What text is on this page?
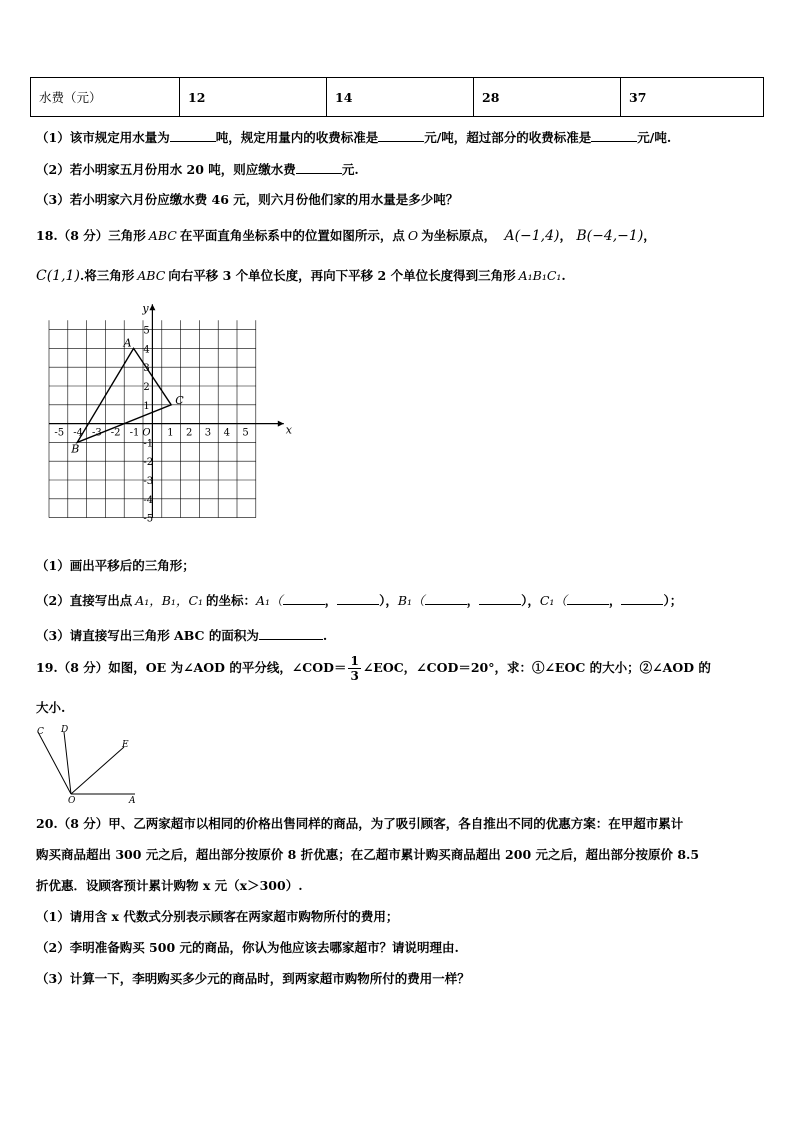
水费（元）	12	14	28	37
（1）该市规定用水量为	吨，规定用量内的收费标准是	元/吨，超过部分的收费标准是	元/吨.
（2）若小明家五月份用水 20 吨，则应缴水费	元.
（3）若小明家六月份应缴水费 46 元，则六月份他们家的用水量是多少吨？
18.（8 分）三角形 ABC 在平面直角坐标系中的位置如图所示，点 O 为坐标原点， A(−1,4)， B(−4,−1)，
C(1,1).将三角形 ABC 向右平移 3 个单位长度，再向下平移 2 个单位长度得到三角形 A₁B₁C₁.
x
y
-5 -4 -3 -2 -1	1 2 3 4 5
5
4
3
2
1
-1
-2
-3
-4
-5
O
A
B
C
（1）画出平移后的三角形；
（2）直接写出点 A₁，B₁，C₁ 的坐标：A₁（	，	），B₁（	，	），C₁（	，	）；
（3）请直接写出三角形 ABC 的面积为	.
19.（8 分）如图，OE 为∠AOD 的平分线，∠COD＝ $\frac{1}{3}$ ∠EOC，∠COD＝20°，求：①∠EOC 的大小；②∠AOD 的
大小.
C D
E
O	A
20.（8 分）甲、乙两家超市以相同的价格出售同样的商品，为了吸引顾客，各自推出不同的优惠方案：在甲超市累计
购买商品超出 300 元之后，超出部分按原价 8 折优惠；在乙超市累计购买商品超出 200 元之后，超出部分按原价 8.5
折优惠．设顾客预计累计购物 x 元（x＞300）.
（1）请用含 x 代数式分别表示顾客在两家超市购物所付的费用；
（2）李明准备购买 500 元的商品，你认为他应该去哪家超市？请说明理由.
（3）计算一下，李明购买多少元的商品时，到两家超市购物所付的费用一样？
